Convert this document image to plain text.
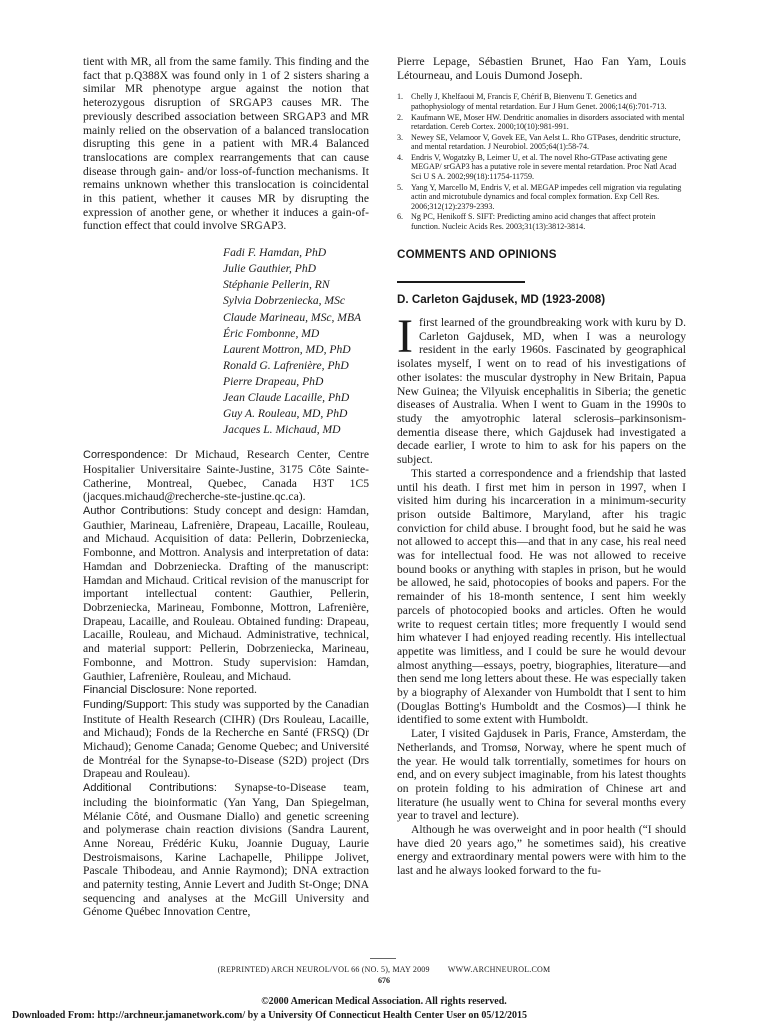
tient with MR, all from the same family. This finding and the fact that p.Q388X was found only in 1 of 2 sisters sharing a similar MR phenotype argue against the notion that heterozygous disruption of SRGAP3 causes MR. The previously described association between SRGAP3 and MR mainly relied on the observation of a balanced translocation disrupting this gene in a patient with MR.4 Balanced translocations are complex rearrangements that can cause disease through gain- and/or loss-of-function mechanisms. It remains unknown whether this translocation is coincidental in this patient, whether it causes MR by disrupting the expression of another gene, or whether it induces a gain-of-function effect that could involve SRGAP3.

Fadi F. Hamdan, PhD
Julie Gauthier, PhD
Stéphanie Pellerin, RN
Sylvia Dobrzeniecka, MSc
Claude Marineau, MSc, MBA
Éric Fombonne, MD
Laurent Mottron, MD, PhD
Ronald G. Lafrenière, PhD
Pierre Drapeau, PhD
Jean Claude Lacaille, PhD
Guy A. Rouleau, MD, PhD
Jacques L. Michaud, MD

Correspondence: Dr Michaud, Research Center, Centre Hospitalier Universitaire Sainte-Justine, 3175 Côte Sainte-Catherine, Montreal, Quebec, Canada H3T 1C5 (jacques.michaud@recherche-ste-justine.qc.ca).

Author Contributions: Study concept and design: Hamdan, Gauthier, Marineau, Lafrenière, Drapeau, Lacaille, Rouleau, and Michaud. Acquisition of data: Pellerin, Dobrzeniecka, Fombonne, and Mottron. Analysis and interpretation of data: Hamdan and Dobrzeniecka. Drafting of the manuscript: Hamdan and Michaud. Critical revision of the manuscript for important intellectual content: Gauthier, Pellerin, Dobrzeniecka, Marineau, Fombonne, Mottron, Lafrenière, Drapeau, Lacaille, and Rouleau. Obtained funding: Drapeau, Lacaille, Rouleau, and Michaud. Administrative, technical, and material support: Pellerin, Dobrzeniecka, Marineau, Fombonne, and Mottron. Study supervision: Hamdan, Gauthier, Lafrenière, Rouleau, and Michaud.

Financial Disclosure: None reported.

Funding/Support: This study was supported by the Canadian Institute of Health Research (CIHR) (Drs Rouleau, Lacaille, and Michaud); Fonds de la Recherche en Santé (FRSQ) (Dr Michaud); Genome Canada; Genome Quebec; and Université de Montréal for the Synapse-to-Disease (S2D) project (Drs Drapeau and Rouleau).

Additional Contributions: Synapse-to-Disease team, including the bioinformatic (Yan Yang, Dan Spiegelman, Mélanie Côté, and Ousmane Diallo) and genetic screening and polymerase chain reaction divisions (Sandra Laurent, Anne Noreau, Frédéric Kuku, Joannie Duguay, Laurie Destroismaisons, Karine Lachapelle, Philippe Jolivet, Pascale Thibodeau, and Annie Raymond); DNA extraction and paternity testing, Annie Levert and Judith St-Onge; DNA sequencing and analyses at the McGill University and Génome Québec Innovation Centre,

Pierre Lepage, Sébastien Brunet, Hao Fan Yam, Louis Létourneau, and Louis Dumond Joseph.

1. Chelly J, Khelfaoui M, Francis F, Chérif B, Bienvenu T. Genetics and pathophysiology of mental retardation. Eur J Hum Genet. 2006;14(6):701-713.
2. Kaufmann WE, Moser HW. Dendritic anomalies in disorders associated with mental retardation. Cereb Cortex. 2000;10(10):981-991.
3. Newey SE, Velamoor V, Govek EE, Van Aelst L. Rho GTPases, dendritic structure, and mental retardation. J Neurobiol. 2005;64(1):58-74.
4. Endris V, Wogatzky B, Leimer U, et al. The novel Rho-GTPase activating gene MEGAP/ srGAP3 has a putative role in severe mental retardation. Proc Natl Acad Sci U S A. 2002;99(18):11754-11759.
5. Yang Y, Marcello M, Endris V, et al. MEGAP impedes cell migration via regulating actin and microtubule dynamics and focal complex formation. Exp Cell Res. 2006;312(12):2379-2393.
6. Ng PC, Henikoff S. SIFT: Predicting amino acid changes that affect protein function. Nucleic Acids Res. 2003;31(13):3812-3814.
COMMENTS AND OPINIONS
D. Carleton Gajdusek, MD (1923-2008)

Ifirst learned of the groundbreaking work with kuru by D. Carleton Gajdusek, MD, when I was a neurology resident in the early 1960s. Fascinated by geographical isolates myself, I went on to read of his investigations of other isolates: the muscular dystrophy in New Britain, Papua New Guinea; the Vilyuisk encephalitis in Siberia; the genetic diseases of Australia. When I went to Guam in the 1990s to study the amyotrophic lateral sclerosis–parkinsonism-dementia disease there, which Gajdusek had investigated a decade earlier, I wrote to him to ask for his papers on the subject.

This started a correspondence and a friendship that lasted until his death. I first met him in person in 1997, when I visited him during his incarceration in a minimum-security prison outside Baltimore, Maryland, after his tragic conviction for child abuse. I brought food, but he said he was not allowed to accept this—and that in any case, his real need was for intellectual food. He was not allowed to receive bound books or anything with staples in prison, but he would be allowed, he said, photocopies of books and papers. For the remainder of his 18-month sentence, I sent him weekly parcels of photocopied books and articles. Often he would write to request certain titles; more frequently I would send him whatever I had enjoyed reading recently. His intellectual appetite was limitless, and I could be sure he would devour almost anything—essays, poetry, biographies, literature—and then send me long letters about these. He was especially taken by a biography of Alexander von Humboldt that I sent to him (Douglas Botting's Humboldt and the Cosmos)—I think he identified to some extent with Humboldt.

Later, I visited Gajdusek in Paris, France, Amsterdam, the Netherlands, and Tromsø, Norway, where he spent much of the year. He would talk torrentially, sometimes for hours on end, and on every subject imaginable, from his latest thoughts on protein folding to his admiration of Chinese art and literature (he usually went to China for several months every year to travel and lecture).

Although he was overweight and in poor health (“I should have died 20 years ago,” he sometimes said), his creative energy and extraordinary mental powers were with him to the last and he always looked forward to the fu-

(REPRINTED) ARCH NEUROL/VOL 66 (NO. 5), MAY 2009 WWW.ARCHNEUROL.COM
676
©2000 American Medical Association. All rights reserved.
Downloaded From: http://archneur.jamanetwork.com/ by a University Of Connecticut Health Center User on 05/12/2015
